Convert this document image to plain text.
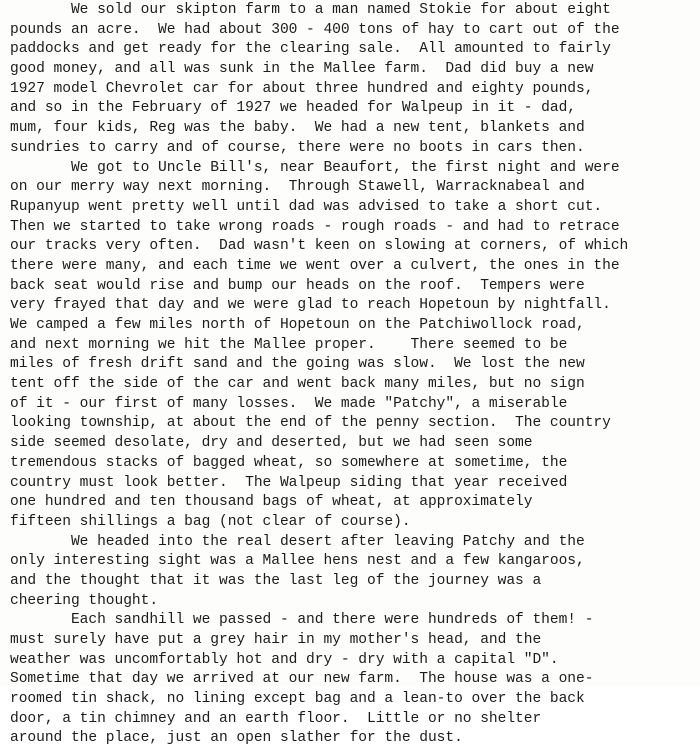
We sold our skipton farm to a man named Stokie for about eight
pounds an acre.  We had about 300 - 400 tons of hay to cart out of the
paddocks and get ready for the clearing sale.  All amounted to fairly
good money, and all was sunk in the Mallee farm.  Dad did buy a new
1927 model Chevrolet car for about three hundred and eighty pounds,
and so in the February of 1927 we headed for Walpeup in it - dad,
mum, four kids, Reg was the baby.  We had a new tent, blankets and
sundries to carry and of course, there were no boots in cars then.
We got to Uncle Bill's, near Beaufort, the first night and were
on our merry way next morning.  Through Stawell, Warracknabeal and
Rupanyup went pretty well until dad was advised to take a short cut.
Then we started to take wrong roads - rough roads - and had to retrace
our tracks very often.  Dad wasn't keen on slowing at corners, of which
there were many, and each time we went over a culvert, the ones in the
back seat would rise and bump our heads on the roof.  Tempers were
very frayed that day and we were glad to reach Hopetoun by nightfall.
We camped a few miles north of Hopetoun on the Patchiwollock road,
and next morning we hit the Mallee proper.    There seemed to be
miles of fresh drift sand and the going was slow.  We lost the new
tent off the side of the car and went back many miles, but no sign
of it - our first of many losses.  We made "Patchy", a miserable
looking township, at about the end of the penny section.  The country
side seemed desolate, dry and deserted, but we had seen some
tremendous stacks of bagged wheat, so somewhere at sometime, the
country must look better.  The Walpeup siding that year received
one hundred and ten thousand bags of wheat, at approximately
fifteen shillings a bag (not clear of course).
We headed into the real desert after leaving Patchy and the
only interesting sight was a Mallee hens nest and a few kangaroos,
and the thought that it was the last leg of the journey was a
cheering thought.
Each sandhill we passed - and there were hundreds of them! -
must surely have put a grey hair in my mother's head, and the
weather was uncomfortably hot and dry - dry with a capital "D".
Sometime that day we arrived at our new farm.  The house was a one-
roomed tin shack, no lining except bag and a lean-to over the back
door, a tin chimney and an earth floor.  Little or no shelter
around the place, just an open slather for the dust.
